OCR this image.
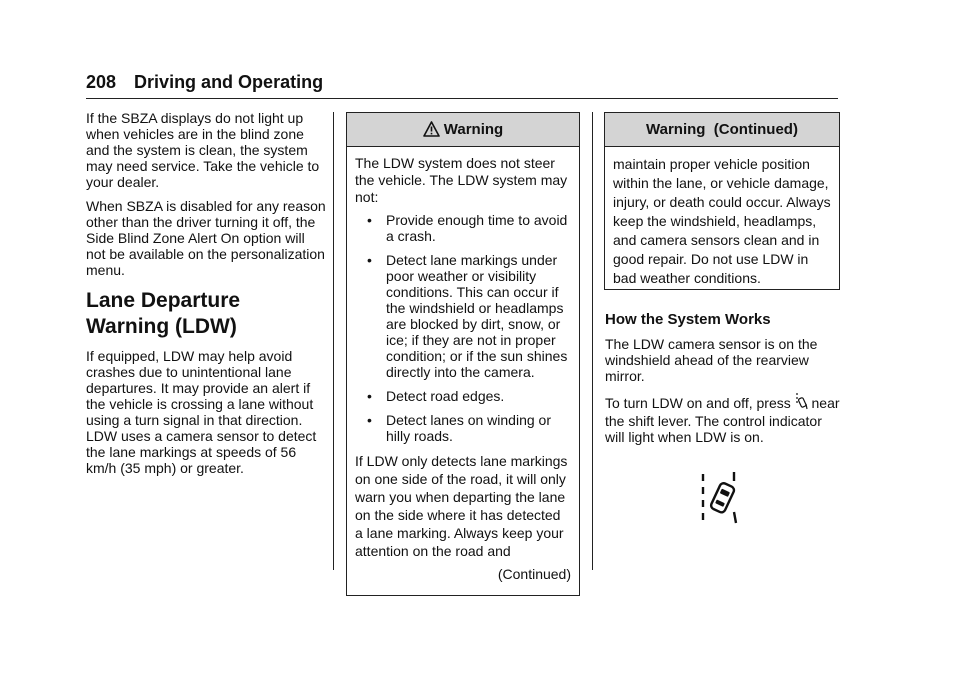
208 Driving and Operating

If the SBZA displays do not light up when vehicles are in the blind zone and the system is clean, the system may need service. Take the vehicle to your dealer.

When SBZA is disabled for any reason other than the driver turning it off, the Side Blind Zone Alert On option will not be available on the personalization menu.

Lane Departure
Warning (LDW)

If equipped, LDW may help avoid crashes due to unintentional lane departures. It may provide an alert if the vehicle is crossing a lane without using a turn signal in that direction. LDW uses a camera sensor to detect the lane markings at speeds of 56 km/h (35 mph) or greater.

Warning

The LDW system does not steer the vehicle. The LDW system may not:

• Provide enough time to avoid a crash.
• Detect lane markings under poor weather or visibility conditions. This can occur if the windshield or headlamps are blocked by dirt, snow, or ice; if they are not in proper condition; or if the sun shines directly into the camera.
• Detect road edges.
• Detect lanes on winding or hilly roads.

If LDW only detects lane markings on one side of the road, it will only warn you when departing the lane on the side where it has detected a lane marking. Always keep your attention on the road and

(Continued)
Warning  (Continued)
maintain proper vehicle position within the lane, or vehicle damage, injury, or death could occur. Always keep the windshield, headlamps, and camera sensors clean and in good repair. Do not use LDW in bad weather conditions.
How the System Works

The LDW camera sensor is on the windshield ahead of the rearview mirror.

To turn LDW on and off, press near the shift lever. The control indicator will light when LDW is on.
